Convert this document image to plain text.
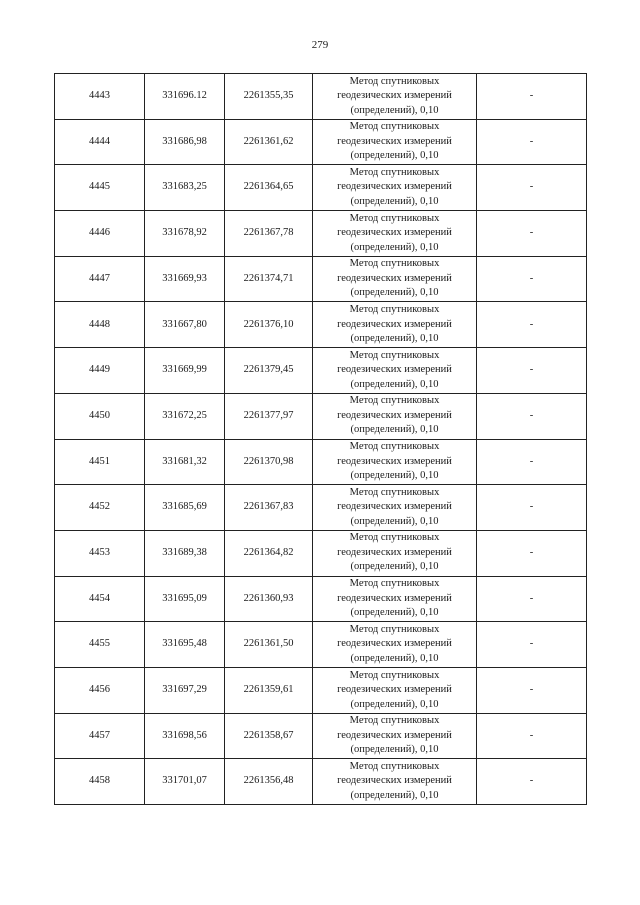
279
4443	331696.12	2261355,35	Метод спутниковых
геодезических измерений
(определений), 0,10	-
4444	331686,98	2261361,62	Метод спутниковых
геодезических измерений
(определений), 0,10	-
4445	331683,25	2261364,65	Метод спутниковых
геодезических измерений
(определений), 0,10	-
4446	331678,92	2261367,78	Метод спутниковых
геодезических измерений
(определений), 0,10	-
4447	331669,93	2261374,71	Метод спутниковых
геодезических измерений
(определений), 0,10	-
4448	331667,80	2261376,10	Метод спутниковых
геодезических измерений
(определений), 0,10	-
4449	331669,99	2261379,45	Метод спутниковых
геодезических измерений
(определений), 0,10	-
4450	331672,25	2261377,97	Метод спутниковых
геодезических измерений
(определений), 0,10	-
4451	331681,32	2261370,98	Метод спутниковых
геодезических измерений
(определений), 0,10	-
4452	331685,69	2261367,83	Метод спутниковых
геодезических измерений
(определений), 0,10	-
4453	331689,38	2261364,82	Метод спутниковых
геодезических измерений
(определений), 0,10	-
4454	331695,09	2261360,93	Метод спутниковых
геодезических измерений
(определений), 0,10	-
4455	331695,48	2261361,50	Метод спутниковых
геодезических измерений
(определений), 0,10	-
4456	331697,29	2261359,61	Метод спутниковых
геодезических измерений
(определений), 0,10	-
4457	331698,56	2261358,67	Метод спутниковых
геодезических измерений
(определений), 0,10	-
4458	331701,07	2261356,48	Метод спутниковых
геодезических измерений
(определений), 0,10	-
